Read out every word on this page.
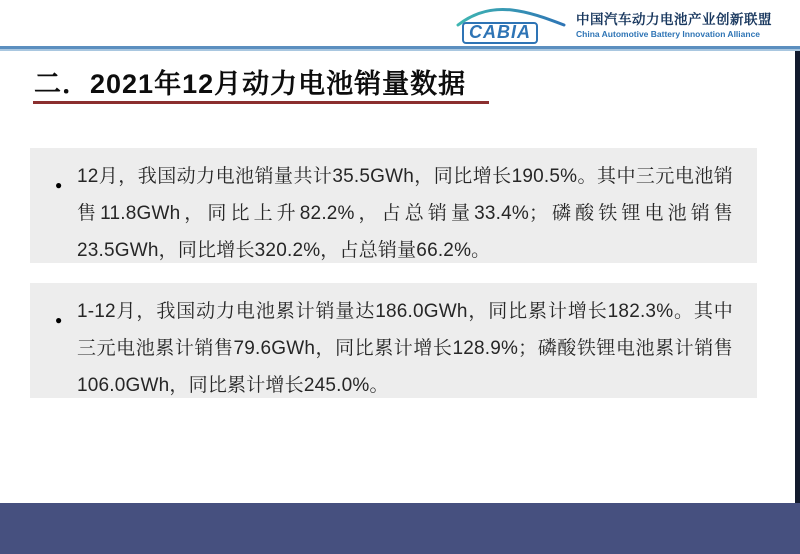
CABIA
中国汽车动力电池产业创新联盟
China Automotive Battery Innovation Alliance
二．2021年12月动力电池销量数据

● 12月，我国动力电池销量共计35.5GWh，同比增长190.5%。其中三元电池销售11.8GWh，同比上升82.2%，占总销量33.4%；磷酸铁锂电池销售23.5GWh，同比增长320.2%，占总销量66.2%。

● 1-12月，我国动力电池累计销量达186.0GWh，同比累计增长182.3%。其中三元电池累计销售79.6GWh，同比累计增长128.9%；磷酸铁锂电池累计销售106.0GWh，同比累计增长245.0%。
